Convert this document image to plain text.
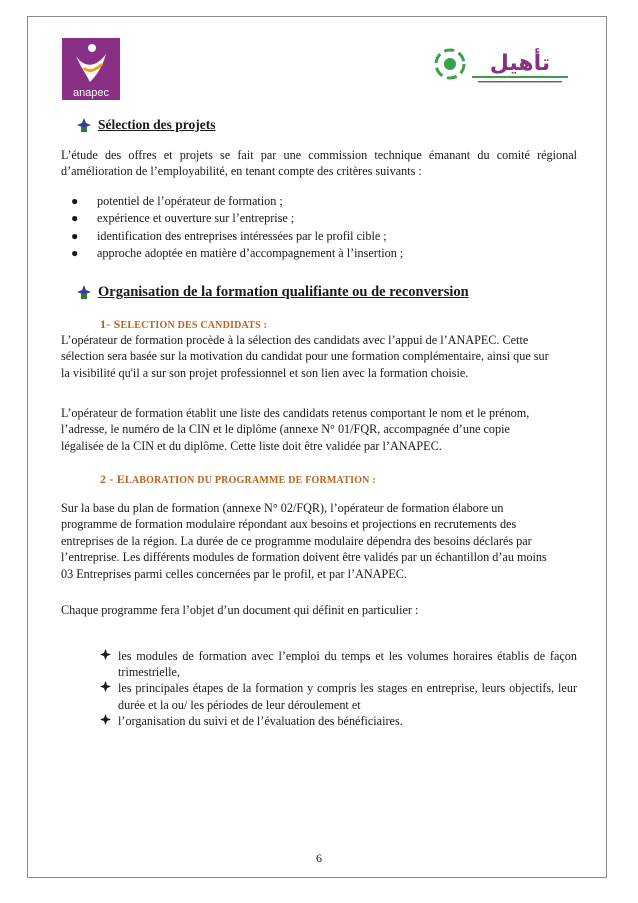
anapec
تأهيل
Sélection des projets
L’étude des offres et projets se fait par une commission technique émanant du comité régional
d’amélioration de l’employabilité, en tenant compte des critères suivants :
● potentiel de l’opérateur de formation ;
● expérience et ouverture sur l’entreprise ;
● identification des entreprises intéressées par le profil cible ;
● approche adoptée en matière d’accompagnement à l’insertion ;
Organisation de la formation qualifiante ou de reconversion
1- SELECTION DES CANDIDATS :
L’opérateur de formation procède à la sélection des candidats avec l’appui de l’ANAPEC. Cette
sélection sera basée sur la motivation du candidat pour une formation complémentaire, ainsi que sur
la visibilité qu'il a sur son projet professionnel et son lien avec la formation choisie.
L’opérateur de formation établit une liste des candidats retenus comportant le nom et le prénom,
l’adresse, le numéro de la CIN et le diplôme (annexe N° 01/FQR, accompagnée d’une copie
légalisée de la CIN et du diplôme. Cette liste doit être validée par l’ANAPEC.
2 - ELABORATION DU PROGRAMME DE FORMATION :
Sur la base du plan de formation (annexe N° 02/FQR), l’opérateur de formation élabore un
programme de formation modulaire répondant aux besoins et projections en recrutements des
entreprises de la région. La durée de ce programme modulaire dépendra des besoins déclarés par
l’entreprise. Les différents modules de formation doivent être validés par un échantillon d’au moins
03 Entreprises parmi celles concernées par le profil, et par l’ANAPEC.
Chaque programme fera l’objet d’un document qui définit en particulier :
les modules de formation avec l’emploi du temps et les volumes horaires établis de façon trimestrielle,
les principales étapes de la formation y compris les stages en entreprise, leurs objectifs, leur durée et la ou/ les périodes de leur déroulement et
l’organisation du suivi et de l’évaluation des bénéficiaires.
6
